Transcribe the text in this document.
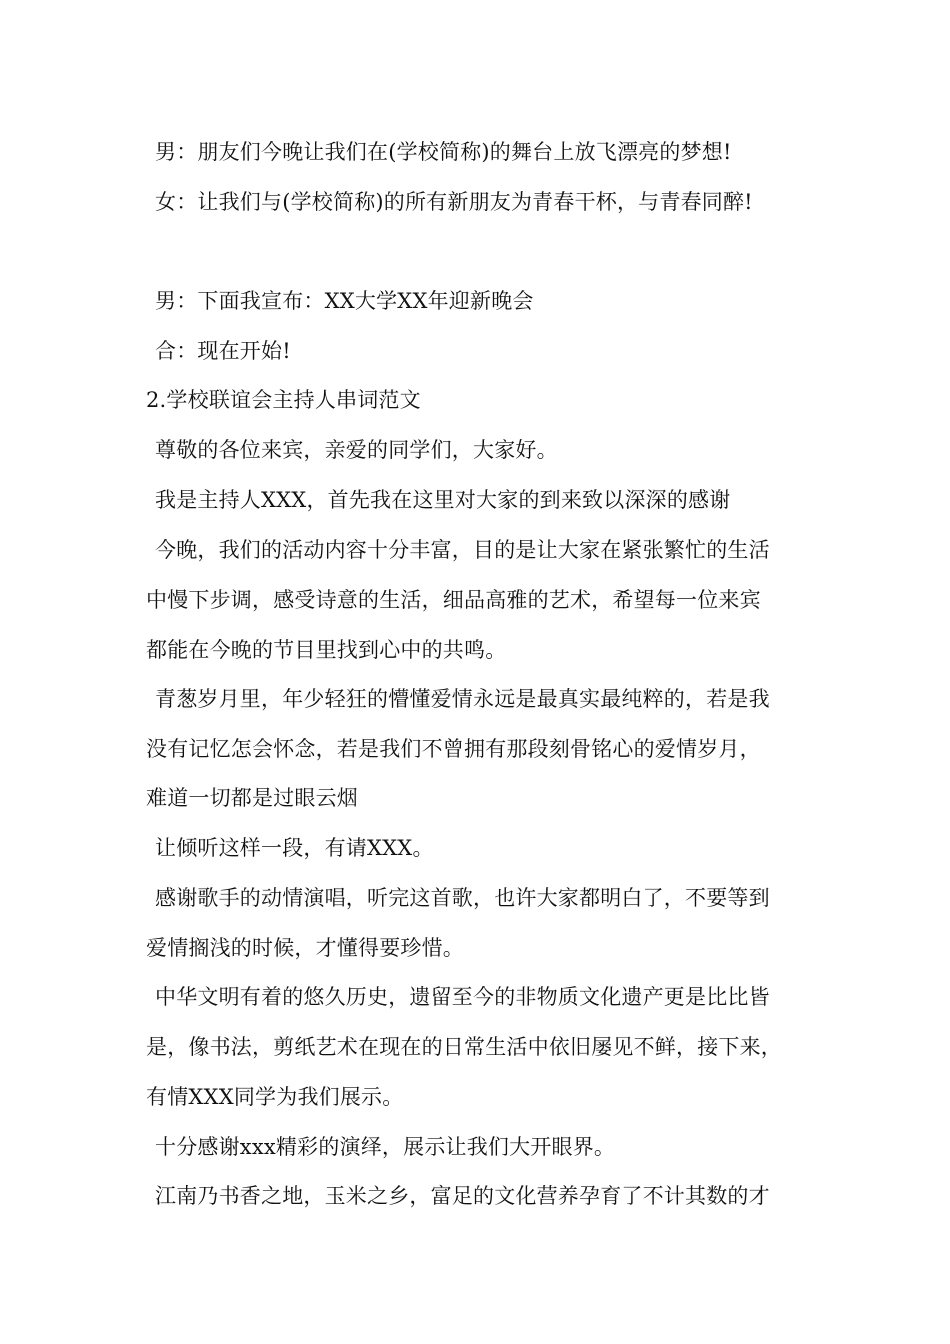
男：朋友们今晚让我们在(学校简称)的舞台上放飞漂亮的梦想!
女：让我们与(学校简称)的所有新朋友为青春干杯，与青春同醉!
男：下面我宣布：XX大学XX年迎新晚会
合：现在开始!
2.学校联谊会主持人串词范文
尊敬的各位来宾，亲爱的同学们，大家好。
我是主持人XXX，首先我在这里对大家的到来致以深深的感谢
今晚，我们的活动内容十分丰富，目的是让大家在紧张繁忙的生活
中慢下步调，感受诗意的生活，细品高雅的艺术，希望每一位来宾
都能在今晚的节目里找到心中的共鸣。
青葱岁月里，年少轻狂的懵懂爱情永远是最真实最纯粹的，若是我
没有记忆怎会怀念，若是我们不曾拥有那段刻骨铭心的爱情岁月，
难道一切都是过眼云烟
让倾听这样一段，有请XXX。
感谢歌手的动情演唱，听完这首歌，也许大家都明白了，不要等到
爱情搁浅的时候，才懂得要珍惜。
中华文明有着的悠久历史，遗留至今的非物质文化遗产更是比比皆
是，像书法，剪纸艺术在现在的日常生活中依旧屡见不鲜，接下来，
有情XXX同学为我们展示。
十分感谢xxx精彩的演绎，展示让我们大开眼界。
江南乃书香之地，玉米之乡，富足的文化营养孕育了不计其数的才
